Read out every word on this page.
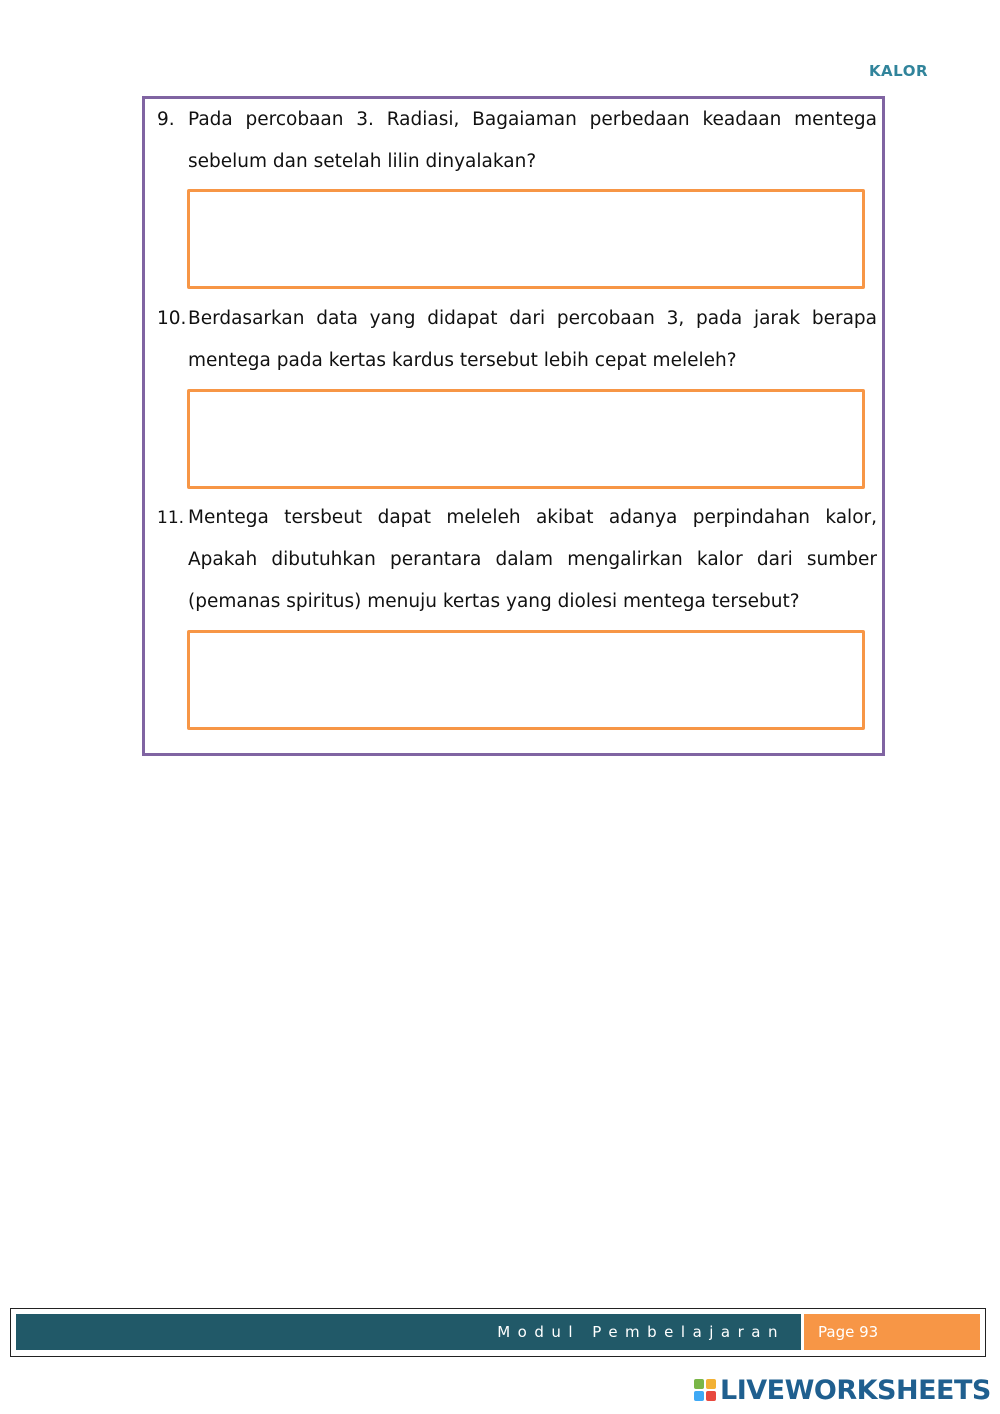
KALOR
9. Pada percobaan 3. Radiasi, Bagaiaman perbedaan keadaan mentega
sebelum dan setelah lilin dinyalakan?
10. Berdasarkan data yang didapat dari percobaan 3, pada jarak berapa
mentega pada kertas kardus tersebut lebih cepat meleleh?
11. Mentega tersbeut dapat meleleh akibat adanya perpindahan kalor,
Apakah dibutuhkan perantara dalam mengalirkan kalor dari sumber
(pemanas spiritus) menuju kertas yang diolesi mentega tersebut?
Modul Pembelajaran	Page 93
LIVEWORKSHEETS
